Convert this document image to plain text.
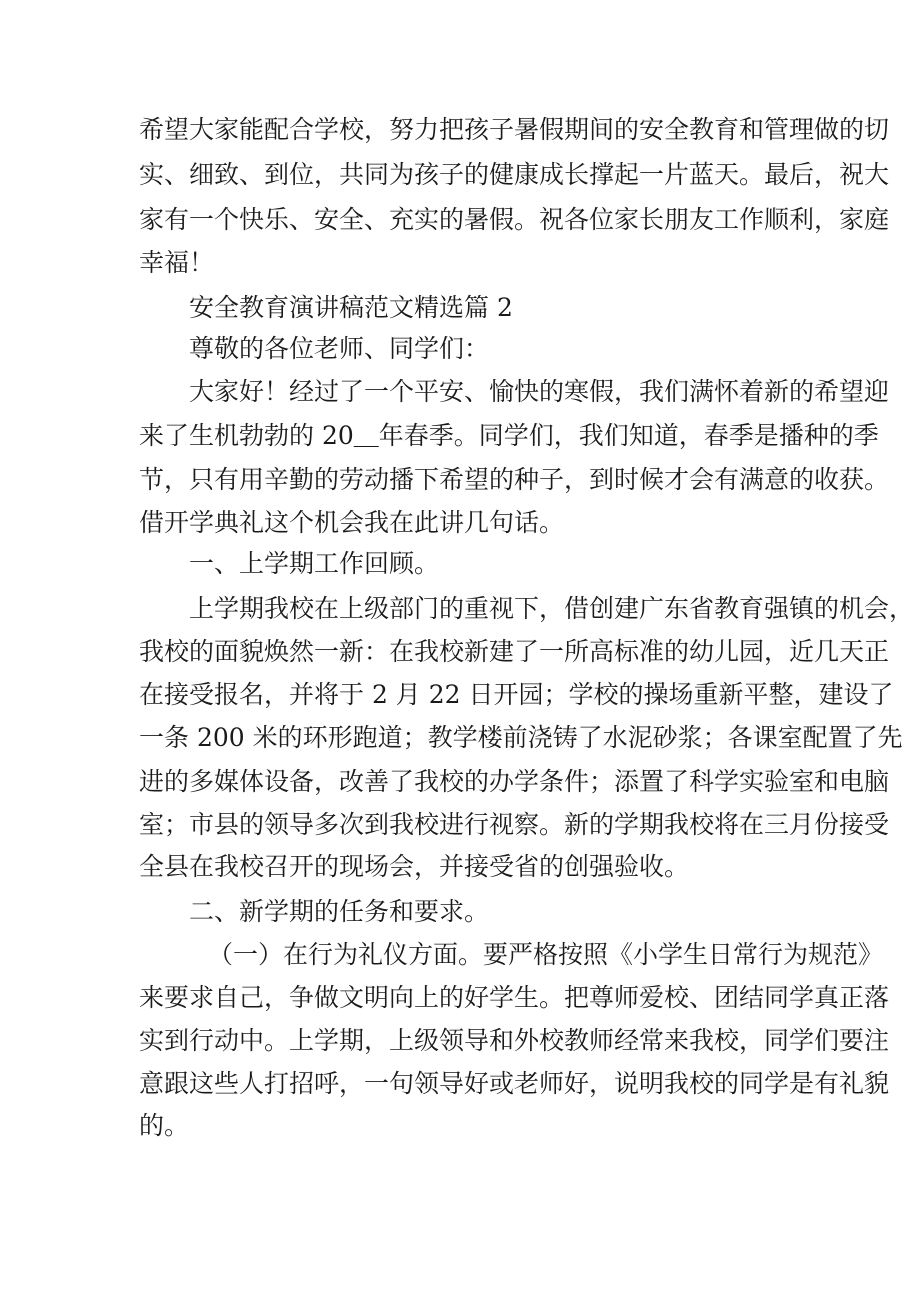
希望大家能配合学校，努力把孩子暑假期间的安全教育和管理做的切
实、细致、到位，共同为孩子的健康成长撑起一片蓝天。最后，祝大
家有一个快乐、安全、充实的暑假。祝各位家长朋友工作顺利，家庭
幸福！
安全教育演讲稿范文精选篇 2
尊敬的各位老师、同学们：
大家好！经过了一个平安、愉快的寒假，我们满怀着新的希望迎
来了生机勃勃的 20＿年春季。同学们，我们知道，春季是播种的季
节，只有用辛勤的劳动播下希望的种子，到时候才会有满意的收获。
借开学典礼这个机会我在此讲几句话。
一、上学期工作回顾。
上学期我校在上级部门的重视下，借创建广东省教育强镇的机会，
我校的面貌焕然一新：在我校新建了一所高标准的幼儿园，近几天正
在接受报名，并将于 2 月 22 日开园；学校的操场重新平整，建设了
一条 200 米的环形跑道；教学楼前浇铸了水泥砂浆；各课室配置了先
进的多媒体设备，改善了我校的办学条件；添置了科学实验室和电脑
室；市县的领导多次到我校进行视察。新的学期我校将在三月份接受
全县在我校召开的现场会，并接受省的创强验收。
二、新学期的任务和要求。
（一）在行为礼仪方面。要严格按照《小学生日常行为规范》
来要求自己，争做文明向上的好学生。把尊师爱校、团结同学真正落
实到行动中。上学期，上级领导和外校教师经常来我校，同学们要注
意跟这些人打招呼，一句领导好或老师好，说明我校的同学是有礼貌
的。
